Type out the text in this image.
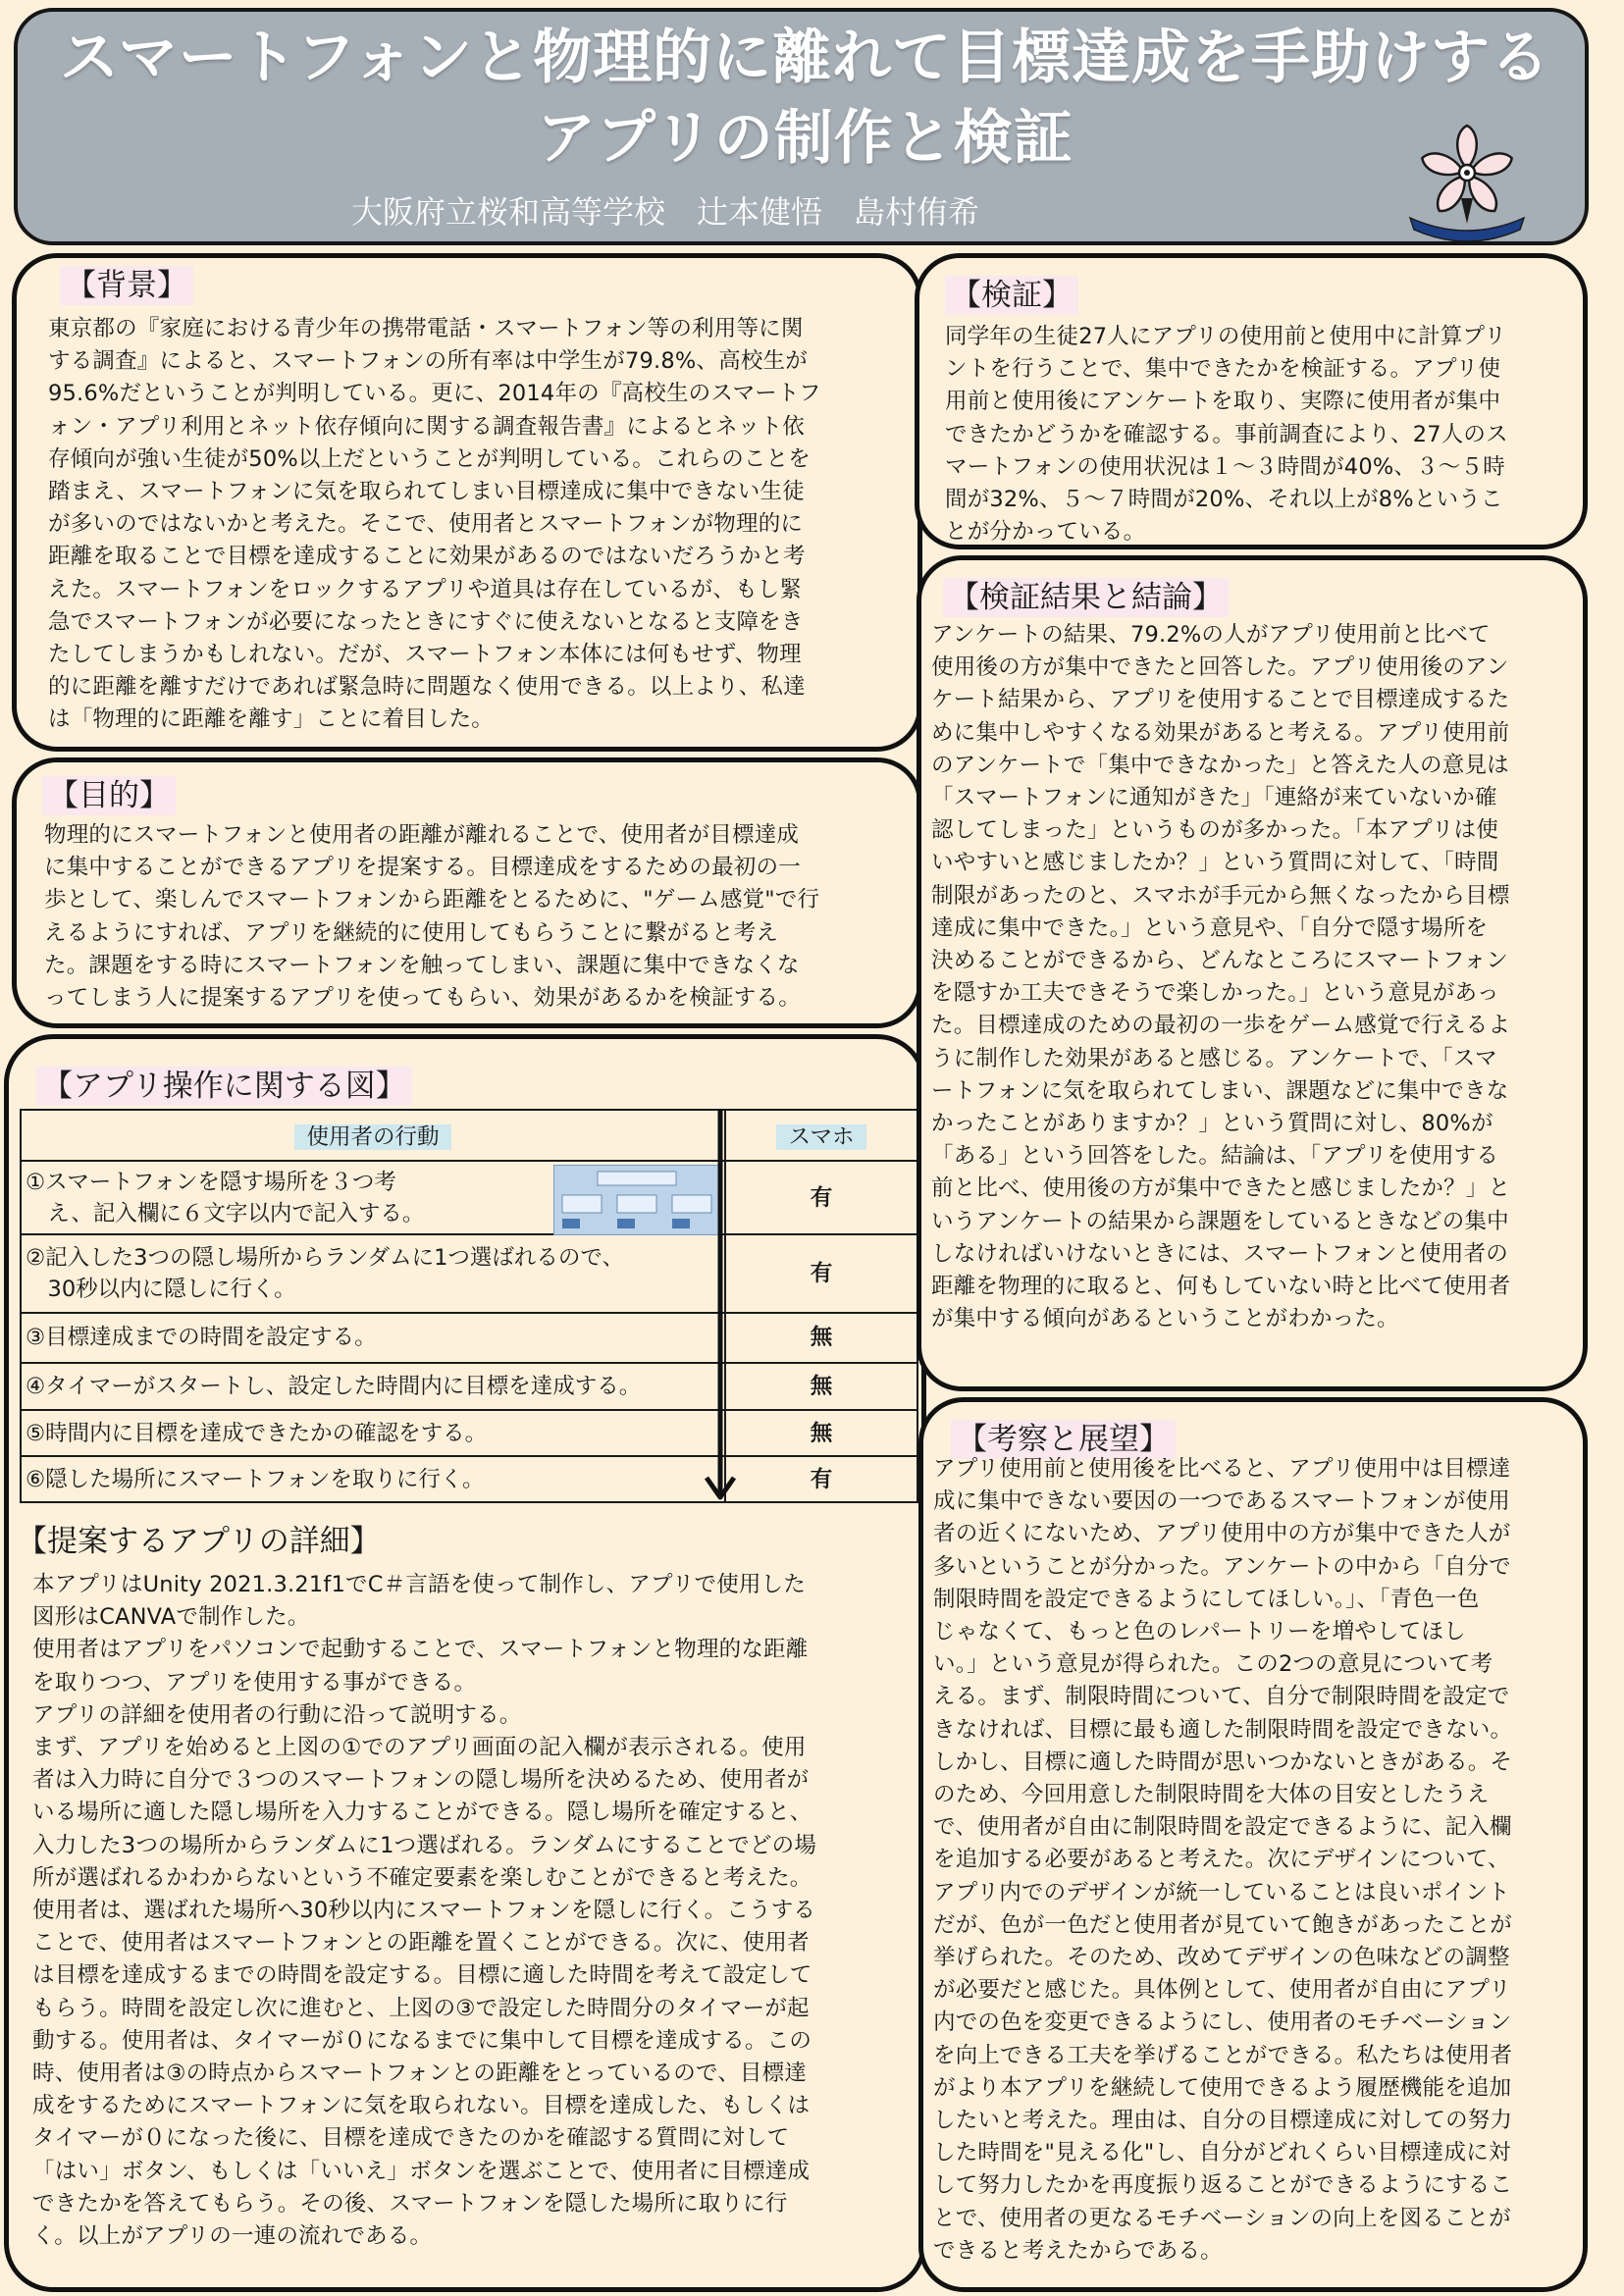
スマートフォンと物理的に離れて目標達成を手助けする
アプリの制作と検証
大阪府立桜和高等学校　辻本健悟　島村侑希
【背景】

東京都の『家庭における青少年の携帯電話・スマートフォン等の利用等に関
する調査』によると、スマートフォンの所有率は中学生が79.8%、高校生が
95.6%だということが判明している。更に、2014年の『高校生のスマートフ
ォン・アプリ利用とネット依存傾向に関する調査報告書』によるとネット依
存傾向が強い生徒が50%以上だということが判明している。これらのことを
踏まえ、スマートフォンに気を取られてしまい目標達成に集中できない生徒
が多いのではないかと考えた。そこで、使用者とスマートフォンが物理的に
距離を取ることで目標を達成することに効果があるのではないだろうかと考
えた。スマートフォンをロックするアプリや道具は存在しているが、もし緊
急でスマートフォンが必要になったときにすぐに使えないとなると支障をき
たしてしまうかもしれない。だが、スマートフォン本体には何もせず、物理
的に距離を離すだけであれば緊急時に問題なく使用できる。以上より、私達
は「物理的に距離を離す」ことに着目した。

【目的】

物理的にスマートフォンと使用者の距離が離れることで、使用者が目標達成
に集中することができるアプリを提案する。目標達成をするための最初の一
歩として、楽しんでスマートフォンから距離をとるために、"ゲーム感覚"で行
えるようにすれば、アプリを継続的に使用してもらうことに繋がると考え
た。課題をする時にスマートフォンを触ってしまい、課題に集中できなくな
ってしまう人に提案するアプリを使ってもらい、効果があるかを検証する。

【アプリ操作に関する図】
【提案するアプリの詳細】

本アプリはUnity 2021.3.21f1でC＃言語を使って制作し、アプリで使用した
図形はCANVAで制作した。
使用者はアプリをパソコンで起動することで、スマートフォンと物理的な距離
を取りつつ、アプリを使用する事ができる。
アプリの詳細を使用者の行動に沿って説明する。
まず、アプリを始めると上図の①でのアプリ画面の記入欄が表示される。使用
者は入力時に自分で３つのスマートフォンの隠し場所を決めるため、使用者が
いる場所に適した隠し場所を入力することができる。隠し場所を確定すると、
入力した3つの場所からランダムに1つ選ばれる。ランダムにすることでどの場
所が選ばれるかわからないという不確定要素を楽しむことができると考えた。
使用者は、選ばれた場所へ30秒以内にスマートフォンを隠しに行く。こうする
ことで、使用者はスマートフォンとの距離を置くことができる。次に、使用者
は目標を達成するまでの時間を設定する。目標に適した時間を考えて設定して
もらう。時間を設定し次に進むと、上図の③で設定した時間分のタイマーが起
動する。使用者は、タイマーが０になるまでに集中して目標を達成する。この
時、使用者は③の時点からスマートフォンとの距離をとっているので、目標達
成をするためにスマートフォンに気を取られない。目標を達成した、もしくは
タイマーが０になった後に、目標を達成できたのかを確認する質問に対して
「はい」ボタン、もしくは「いいえ」ボタンを選ぶことで、使用者に目標達成
できたかを答えてもらう。その後、スマートフォンを隠した場所に取りに行
く。以上がアプリの一連の流れである。

使用者の行動	スマホ
①スマートフォンを隠す場所を３つ考
　え、記入欄に６文字以内で記入する。	有
②記入した3つの隠し場所からランダムに1つ選ばれるので、
　30秒以内に隠しに行く。	有
③目標達成までの時間を設定する。	無
④タイマーがスタートし、設定した時間内に目標を達成する。	無
⑤時間内に目標を達成できたかの確認をする。	無
⑥隠した場所にスマートフォンを取りに行く。	有
【検証】

同学年の生徒27人にアプリの使用前と使用中に計算プリ
ントを行うことで、集中できたかを検証する。アプリ使
用前と使用後にアンケートを取り、実際に使用者が集中
できたかどうかを確認する。事前調査により、27人のス
マートフォンの使用状況は１～３時間が40%、３～５時
間が32%、５～７時間が20%、それ以上が8%というこ
とが分かっている。

【検証結果と結論】

アンケートの結果、79.2%の人がアプリ使用前と比べて
使用後の方が集中できたと回答した。アプリ使用後のアン
ケート結果から、アプリを使用することで目標達成するた
めに集中しやすくなる効果があると考える。アプリ使用前
のアンケートで「集中できなかった」と答えた人の意見は
「スマートフォンに通知がきた」「連絡が来ていないか確
認してしまった」というものが多かった。「本アプリは使
いやすいと感じましたか？」という質問に対して、「時間
制限があったのと、スマホが手元から無くなったから目標
達成に集中できた。」という意見や、「自分で隠す場所を
決めることができるから、どんなところにスマートフォン
を隠すか工夫できそうで楽しかった。」という意見があっ
た。目標達成のための最初の一歩をゲーム感覚で行えるよ
うに制作した効果があると感じる。アンケートで、「スマ
ートフォンに気を取られてしまい、課題などに集中できな
かったことがありますか？」という質問に対し、80%が
「ある」という回答をした。結論は、「アプリを使用する
前と比べ、使用後の方が集中できたと感じましたか？」と
いうアンケートの結果から課題をしているときなどの集中
しなければいけないときには、スマートフォンと使用者の
距離を物理的に取ると、何もしていない時と比べて使用者
が集中する傾向があるということがわかった。

【考察と展望】

アプリ使用前と使用後を比べると、アプリ使用中は目標達
成に集中できない要因の一つであるスマートフォンが使用
者の近くにないため、アプリ使用中の方が集中できた人が
多いということが分かった。アンケートの中から「自分で
制限時間を設定できるようにしてほしい。」、「青色一色
じゃなくて、もっと色のレパートリーを増やしてほし
い。」という意見が得られた。この2つの意見について考
える。まず、制限時間について、自分で制限時間を設定で
きなければ、目標に最も適した制限時間を設定できない。
しかし、目標に適した時間が思いつかないときがある。そ
のため、今回用意した制限時間を大体の目安としたうえ
で、使用者が自由に制限時間を設定できるように、記入欄
を追加する必要があると考えた。次にデザインについて、
アプリ内でのデザインが統一していることは良いポイント
だが、色が一色だと使用者が見ていて飽きがあったことが
挙げられた。そのため、改めてデザインの色味などの調整
が必要だと感じた。具体例として、使用者が自由にアプリ
内での色を変更できるようにし、使用者のモチベーション
を向上できる工夫を挙げることができる。私たちは使用者
がより本アプリを継続して使用できるよう履歴機能を追加
したいと考えた。理由は、自分の目標達成に対しての努力
した時間を"見える化"し、自分がどれくらい目標達成に対
して努力したかを再度振り返ることができるようにするこ
とで、使用者の更なるモチベーションの向上を図ることが
できると考えたからである。
